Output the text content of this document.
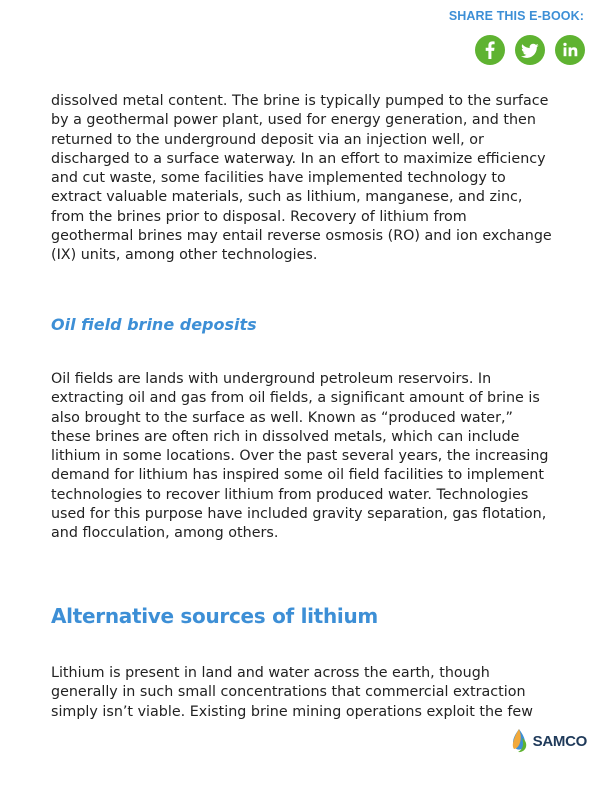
SHARE THIS E-BOOK:

dissolved metal content. The brine is typically pumped to the surface
by a geothermal power plant, used for energy generation, and then
returned to the underground deposit via an injection well, or
discharged to a surface waterway. In an effort to maximize efficiency
and cut waste, some facilities have implemented technology to
extract valuable materials, such as lithium, manganese, and zinc,
from the brines prior to disposal. Recovery of lithium from
geothermal brines may entail reverse osmosis (RO) and ion exchange
(IX) units, among other technologies.

Oil field brine deposits

Oil fields are lands with underground petroleum reservoirs. In
extracting oil and gas from oil fields, a significant amount of brine is
also brought to the surface as well. Known as “produced water,”
these brines are often rich in dissolved metals, which can include
lithium in some locations. Over the past several years, the increasing
demand for lithium has inspired some oil field facilities to implement
technologies to recover lithium from produced water. Technologies
used for this purpose have included gravity separation, gas flotation,
and flocculation, among others.

Alternative sources of lithium

Lithium is present in land and water across the earth, though
generally in such small concentrations that commercial extraction
simply isn’t viable. Existing brine mining operations exploit the few

SAMCO
